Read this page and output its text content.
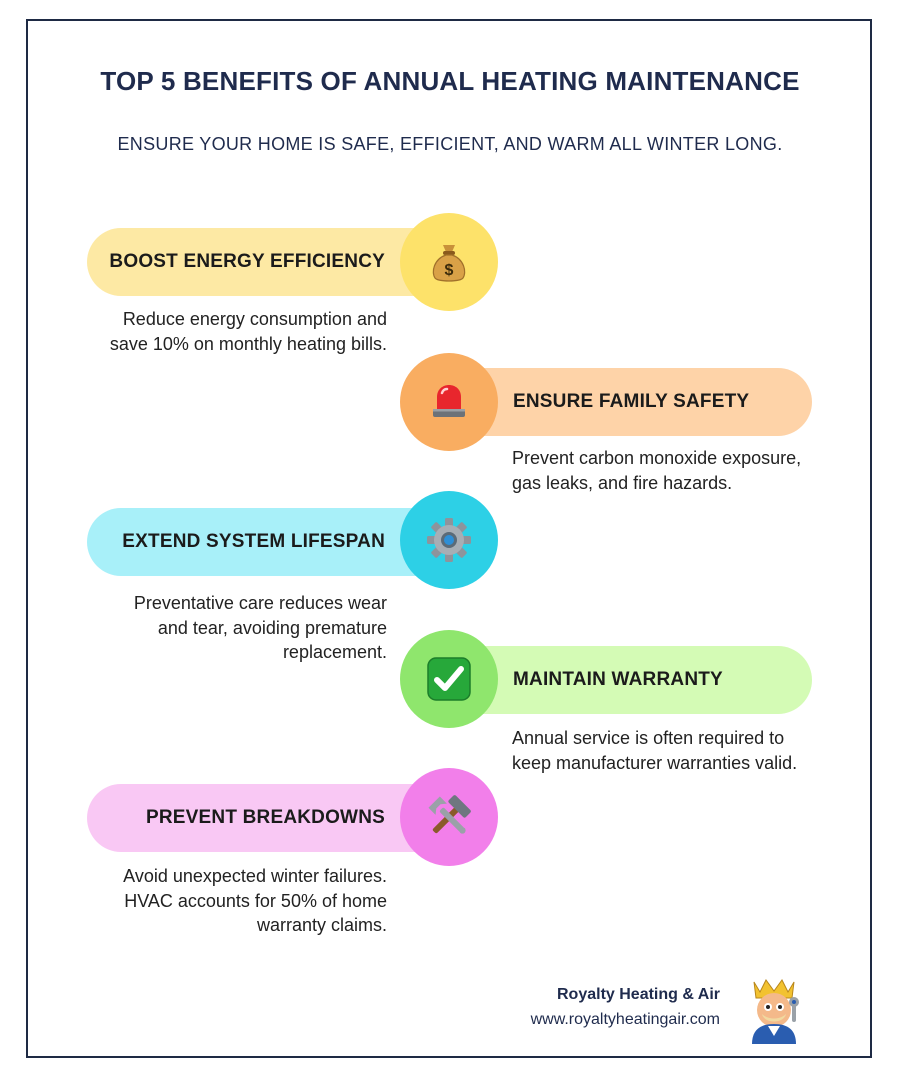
TOP 5 BENEFITS OF ANNUAL HEATING MAINTENANCE
ENSURE YOUR HOME IS SAFE, EFFICIENT, AND WARM ALL WINTER LONG.
BOOST ENERGY EFFICIENCY	$
Reduce energy consumption and save 10% on monthly heating bills.
ENSURE FAMILY SAFETY
Prevent carbon monoxide exposure, gas leaks, and fire hazards.
EXTEND SYSTEM LIFESPAN
Preventative care reduces wear and tear, avoiding premature replacement.
MAINTAIN WARRANTY
Annual service is often required to keep manufacturer warranties valid.
PREVENT BREAKDOWNS
Avoid unexpected winter failures. HVAC accounts for 50% of home warranty claims.
Royalty Heating & Air
www.royaltyheatingair.com
